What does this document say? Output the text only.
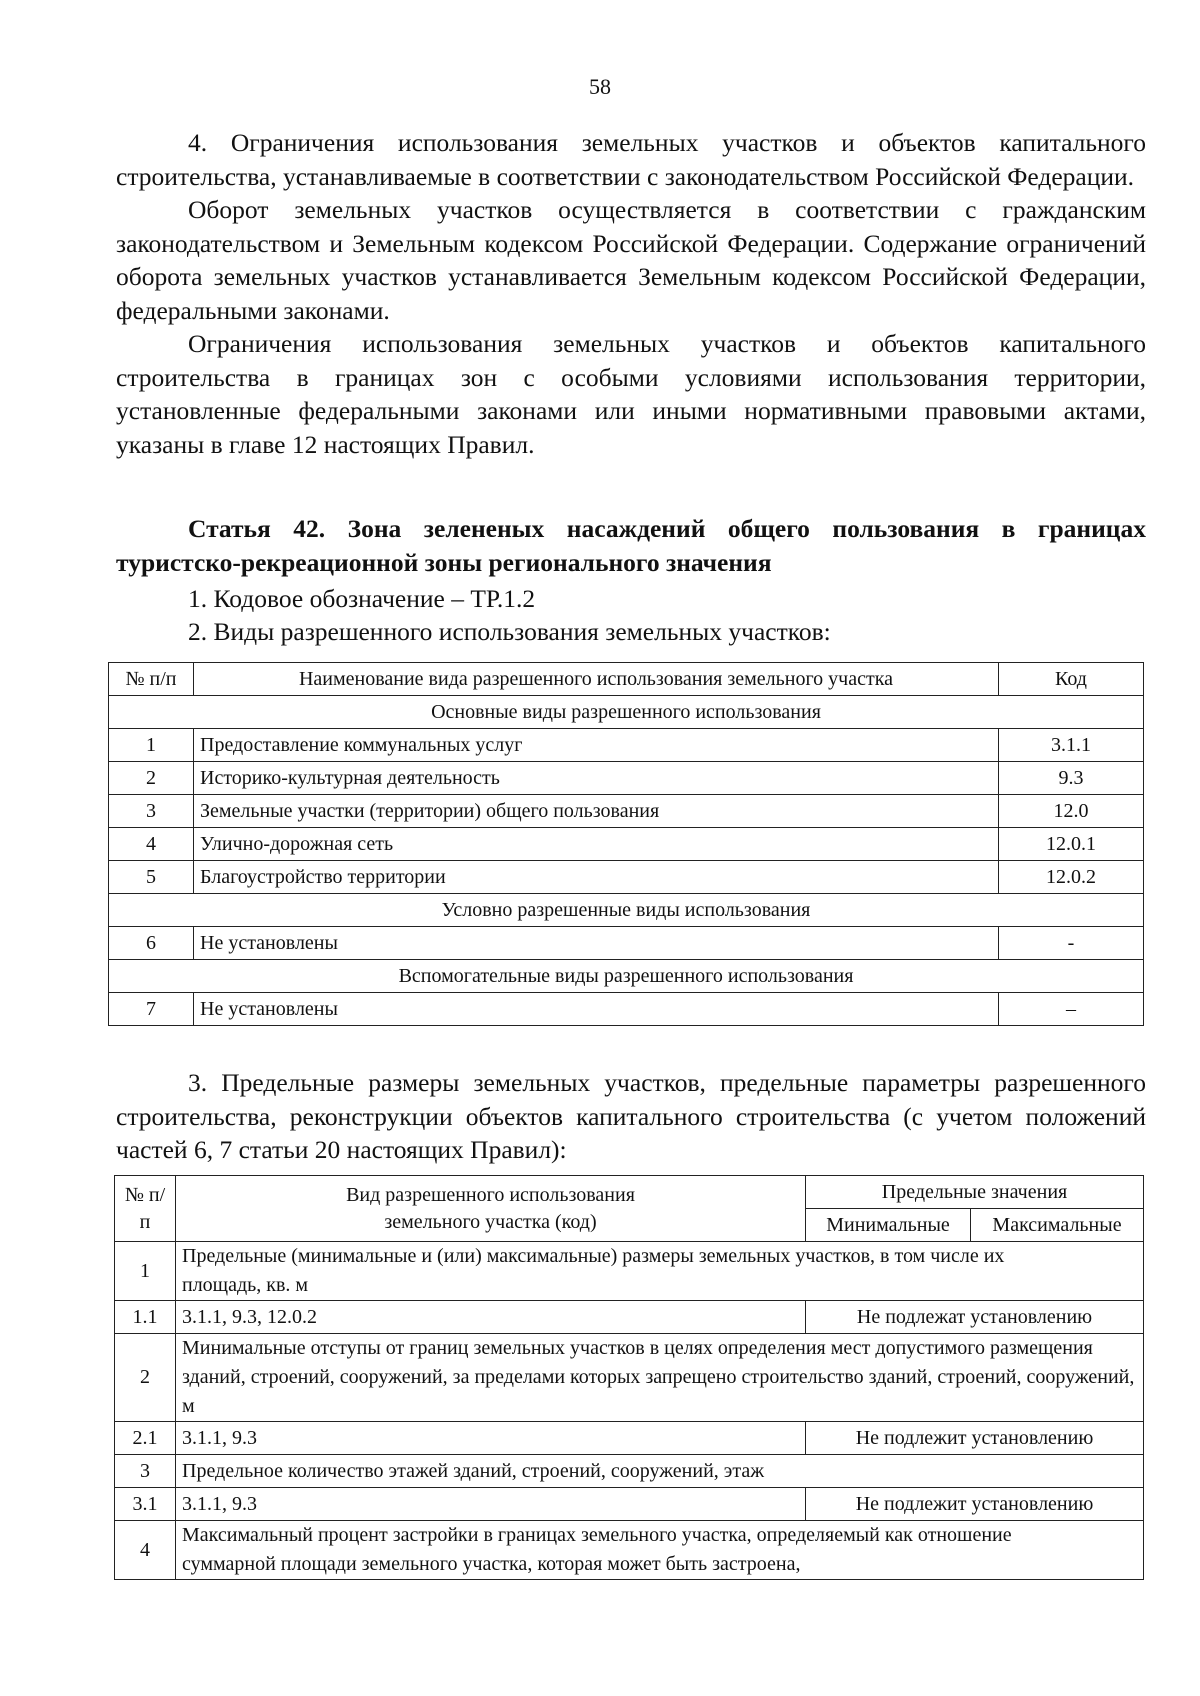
58

4. Ограничения использования земельных участков и объектов капитального строительства, устанавливаемые в соответствии с законодательством Российской Федерации.

Оборот земельных участков осуществляется в соответствии с гражданским законодательством и Земельным кодексом Российской Федерации. Содержание ограничений оборота земельных участков устанавливается Земельным кодексом Российской Федерации, федеральными законами.

Ограничения использования земельных участков и объектов капитального строительства в границах зон с особыми условиями использования территории, установленные федеральными законами или иными нормативными правовыми актами, указаны в главе 12 настоящих Правил.

Статья 42. Зона зелененых насаждений общего пользования в границах туристско-рекреационной зоны регионального значения
1. Кодовое обозначение – ТР.1.2
2. Виды разрешенного использования земельных участков:
№ п/п	Наименование вида разрешенного использования земельного участка	Код
Основные виды разрешенного использования		
1	Предоставление коммунальных услуг	3.1.1
2	Историко-культурная деятельность	9.3
3	Земельные участки (территории) общего пользования	12.0
4	Улично-дорожная сеть	12.0.1
5	Благоустройство территории	12.0.2
Условно разрешенные виды использования		
6	Не установлены	-
Вспомогательные виды разрешенного использования		
7	Не установлены	–

3. Предельные размеры земельных участков, предельные параметры разрешенного строительства, реконструкции объектов капитального строительства (с учетом положений частей 6, 7 статьи 20 настоящих Правил):

№ п/п	Вид разрешенного использования земельного участка (код)	Предельные значения	
		Минимальные	Максимальные
1	Предельные (минимальные и (или) максимальные) размеры земельных участков, в том числе их площадь, кв. м		
1.1	3.1.1, 9.3, 12.0.2	Не подлежат установлению	
2	Минимальные отступы от границ земельных участков в целях определения мест допустимого размещения зданий, строений, сооружений, за пределами которых запрещено строительство зданий, строений, сооружений, м		
2.1	3.1.1, 9.3	Не подлежит установлению	
3	Предельное количество этажей зданий, строений, сооружений, этаж		
3.1	3.1.1, 9.3	Не подлежит установлению	
4	Максимальный процент застройки в границах земельного участка, определяемый как отношение суммарной площади земельного участка, которая может быть застроена,		
